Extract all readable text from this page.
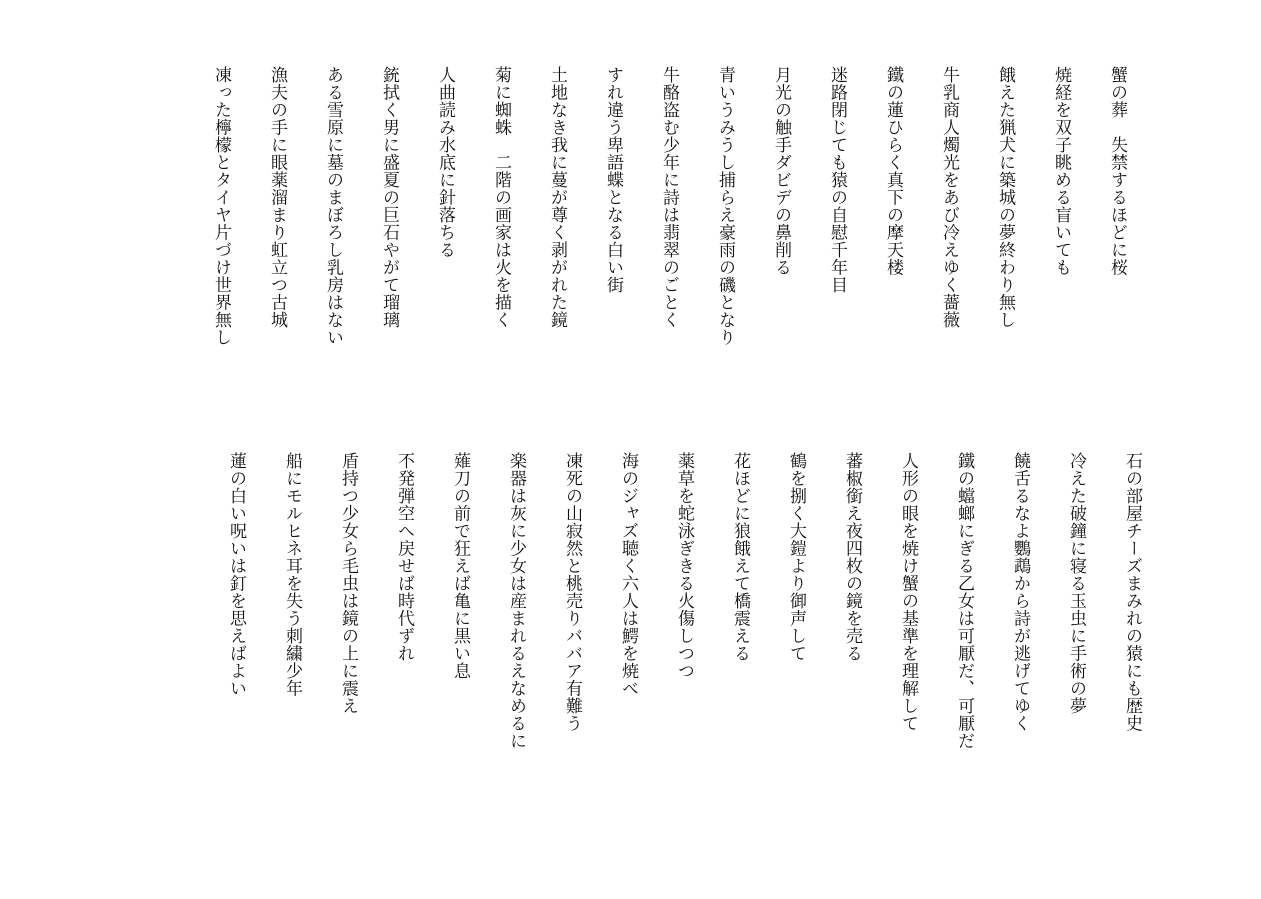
蟹の葬　失禁するほどに桜
焼経を双子眺める盲いても
餓えた猟犬に築城の夢終わり無し
牛乳商人燭光をあび冷えゆく薔薇
鐵の蓮ひらく真下の摩天楼
迷路閉じても猿の自慰千年目
月光の触手ダビデの鼻削る
青いうみうし捕らえ豪雨の磯となり
牛酪盗む少年に詩は翡翠のごとく
すれ違う卑語蝶となる白い街
土地なき我に蔓が尊く剥がれた鏡
菊に蜘蛛　二階の画家は火を描く
人曲読み水底に針落ちる
銃拭く男に盛夏の巨石やがて瑠璃
ある雪原に墓のまぼろし乳房はない
漁夫の手に眼薬溜まり虹立つ古城
凍った檸檬とタイヤ片づけ世界無し
石の部屋チーズまみれの猿にも歴史
冷えた破鐘に寝る玉虫に手術の夢
饒舌るなよ鸚鵡から詩が逃げてゆく
鐵の蟷螂にぎる乙女は可厭だ、可厭だ
人形の眼を焼け蟹の基準を理解して
蕃椒銜え夜四枚の鏡を売る
鶴を捌く大鎧より御声して
花ほどに狼餓えて橋震える
薬草を蛇泳ぎきる火傷しつつ
海のジャズ聴く六人は鰐を焼べ
凍死の山寂然と桃売りババア有難う
楽器は灰に少女は産まれるえなめるに
薙刀の前で狂えば亀に黒い息
不発弾空へ戻せば時代ずれ
盾持つ少女ら毛虫は鏡の上に震え
船にモルヒネ耳を失う刺繍少年
蓮の白い呪いは釘を思えばよい
